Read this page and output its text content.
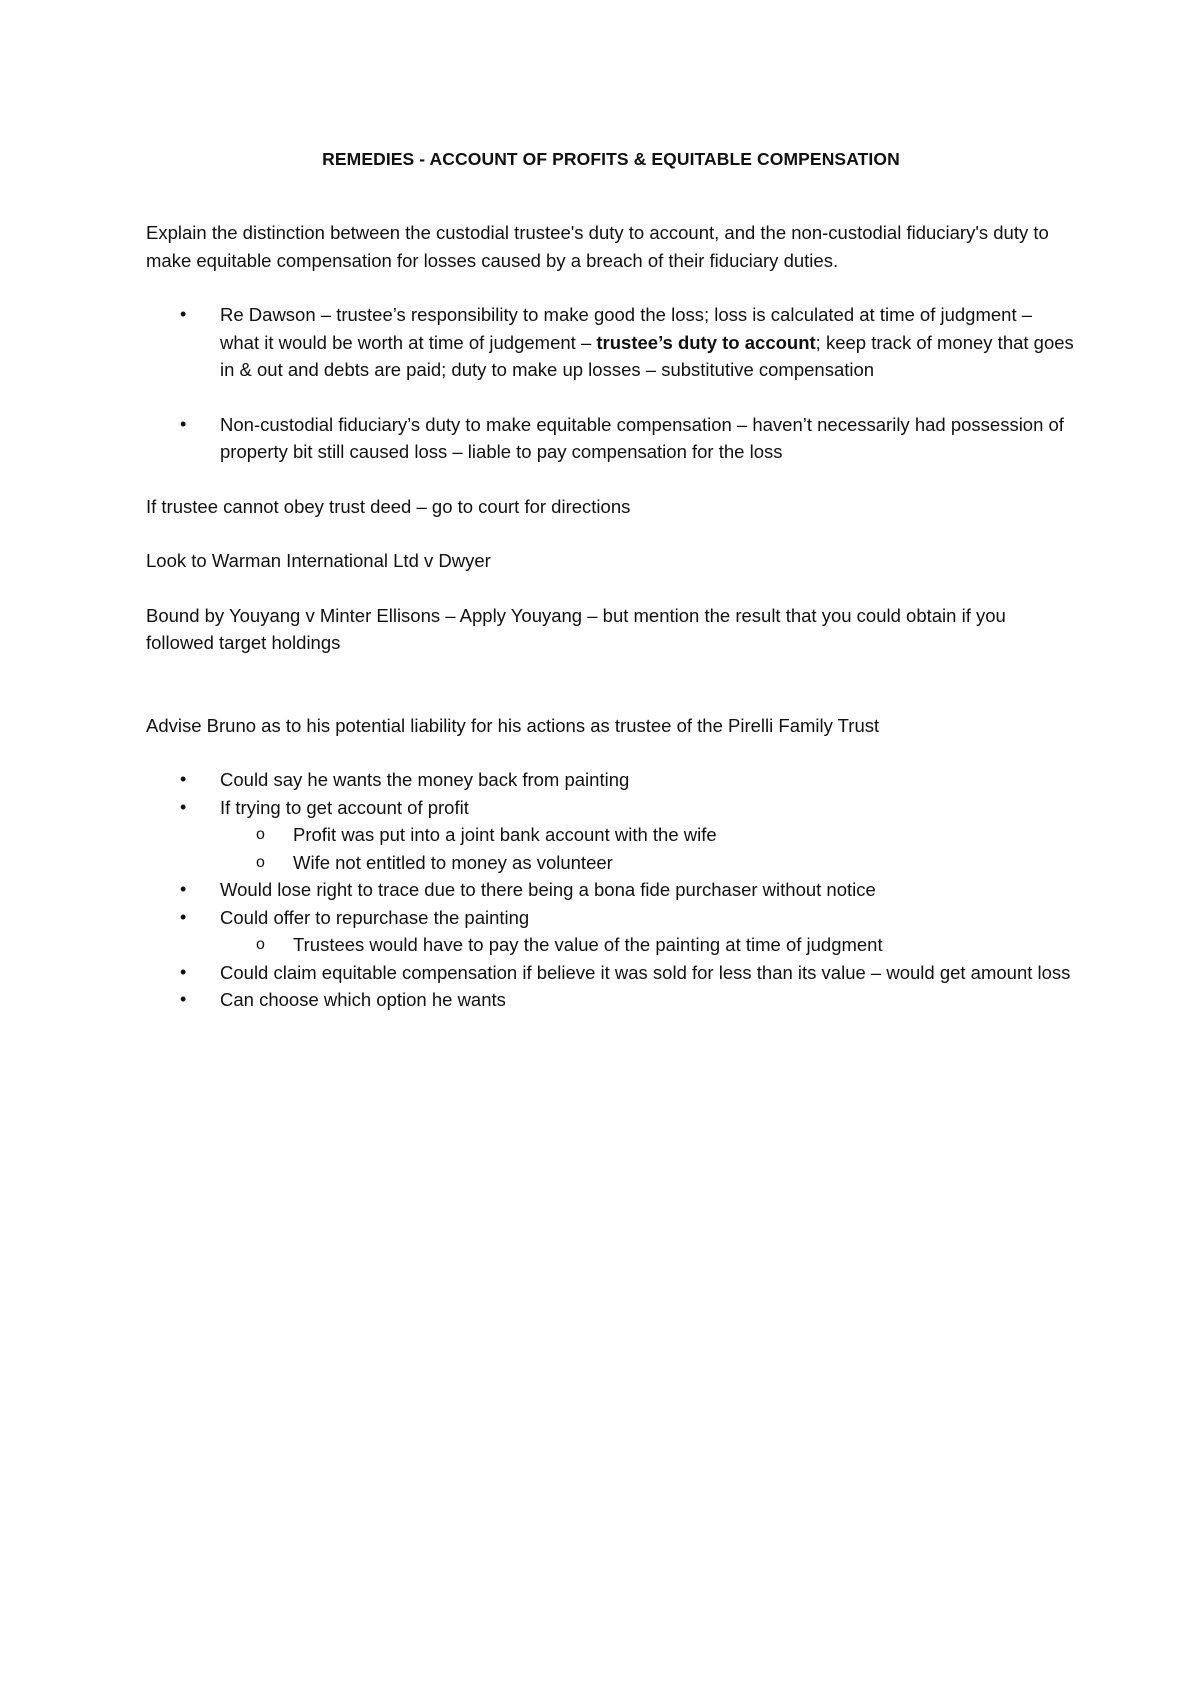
REMEDIES - ACCOUNT OF PROFITS & EQUITABLE COMPENSATION

Explain the distinction between the custodial trustee's duty to account, and the non-custodial fiduciary's duty to make equitable compensation for losses caused by a breach of their fiduciary duties.

• Re Dawson – trustee’s responsibility to make good the loss; loss is calculated at time of judgment – what it would be worth at time of judgement – trustee’s duty to account; keep track of money that goes in & out and debts are paid; duty to make up losses – substitutive compensation
• Non-custodial fiduciary’s duty to make equitable compensation – haven’t necessarily had possession of property bit still caused loss – liable to pay compensation for the loss

If trustee cannot obey trust deed – go to court for directions

Look to Warman International Ltd v Dwyer

Bound by Youyang v Minter Ellisons – Apply Youyang – but mention the result that you could obtain if you followed target holdings

Advise Bruno as to his potential liability for his actions as trustee of the Pirelli Family Trust

• Could say he wants the money back from painting
• If trying to get account of profit
o Profit was put into a joint bank account with the wife
o Wife not entitled to money as volunteer
• Would lose right to trace due to there being a bona fide purchaser without notice
• Could offer to repurchase the painting
o Trustees would have to pay the value of the painting at time of judgment
• Could claim equitable compensation if believe it was sold for less than its value – would get amount loss
• Can choose which option he wants
